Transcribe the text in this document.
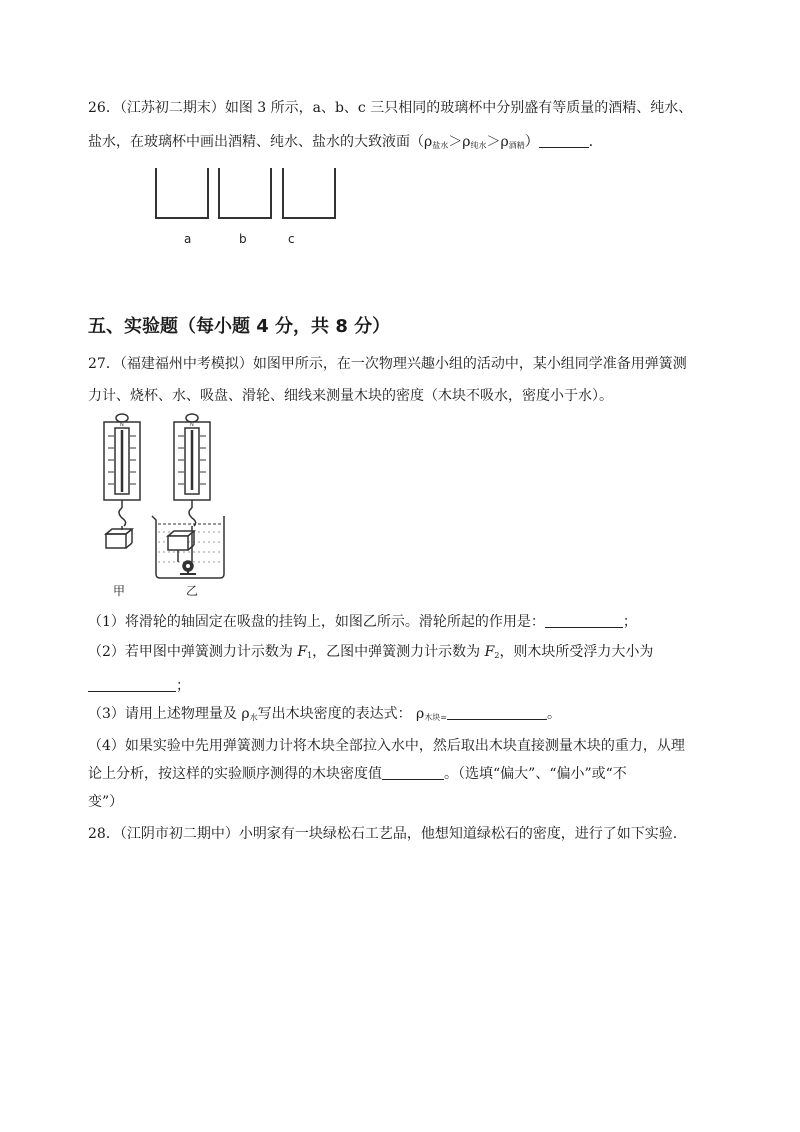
26．（江苏初二期末）如图 3 所示，a、b、c 三只相同的玻璃杯中分别盛有等质量的酒精、纯水、
盐水，在玻璃杯中画出酒精、纯水、盐水的大致液面$(\rho_{盐水}>\rho_{纯水}>\rho_{酒精})$	．
a	b	c
五、实验题（每小题 4 分，共 8 分）
27．（福建福州中考模拟）如图甲所示，在一次物理兴趣小组的活动中，某小组同学准备用弹簧测
力计、烧杯、水、吸盘、滑轮、细线来测量木块的密度（木块不吸水，密度小于水）。
N	N
甲	乙
（1）将滑轮的轴固定在吸盘的挂钩上，如图乙所示。滑轮所起的作用是：	；
（2）若甲图中弹簧测力计示数为 $F_1$，乙图中弹簧测力计示数为 $F_2$，则木块所受浮力大小为
；
（3）请用上述物理量及 $\rho_水$写出木块密度的表达式： $\rho_{木块=}$	。
（4）如果实验中先用弹簧测力计将木块全部拉入水中，然后取出木块直接测量木块的重力，从理
论上分析，按这样的实验顺序测得的木块密度值	。（选填“偏大”、“偏小”或“不
变”）
28．（江阴市初二期中）小明家有一块绿松石工艺品，他想知道绿松石的密度，进行了如下实验.
